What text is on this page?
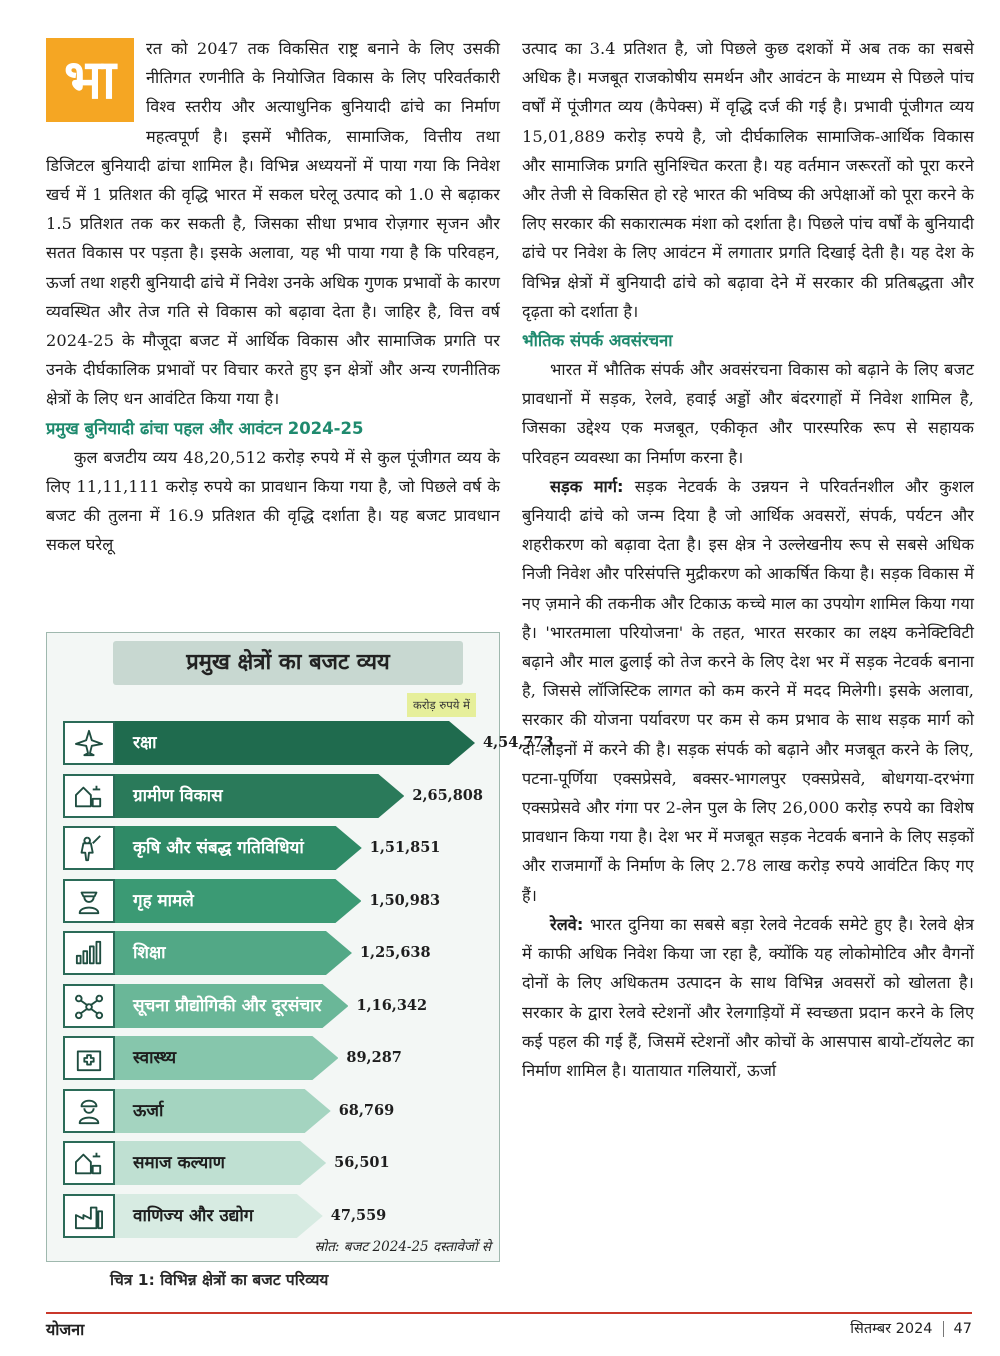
भा	रत को 2047 तक विकसित राष्ट्र बनाने के लिए उसकी नीतिगत रणनीति के नियोजित विकास के लिए परिवर्तकारी विश्व स्तरीय और अत्याधुनिक बुनियादी ढांचे का निर्माण महत्वपूर्ण है। इसमें भौतिक, सामाजिक, वित्तीय तथा डिजिटल बुनियादी ढांचा शामिल है। विभिन्न अध्ययनों में पाया गया कि निवेश खर्च में 1 प्रतिशत की वृद्धि भारत में सकल घरेलू उत्पाद को 1.0 से बढ़ाकर 1.5 प्रतिशत तक कर सकती है, जिसका सीधा प्रभाव रोज़गार सृजन और सतत विकास पर पड़ता है। इसके अलावा, यह भी पाया गया है कि परिवहन, ऊर्जा तथा शहरी बुनियादी ढांचे में निवेश उनके अधिक गुणक प्रभावों के कारण व्यवस्थित और तेज गति से विकास को बढ़ावा देता है। जाहिर है, वित्त वर्ष 2024-25 के मौजूदा बजट में आर्थिक विकास और सामाजिक प्रगति पर उनके दीर्घकालिक प्रभावों पर विचार करते हुए इन क्षेत्रों और अन्य रणनीतिक क्षेत्रों के लिए धन आवंटित किया गया है।

प्रमुख बुनियादी ढांचा पहल और आवंटन 2024-25

कुल बजटीय व्यय 48,20,512 करोड़ रुपये में से कुल पूंजीगत व्यय के लिए 11,11,111 करोड़ रुपये का प्रावधान किया गया है, जो पिछले वर्ष के बजट की तुलना में 16.9 प्रतिशत की वृद्धि दर्शाता है। यह बजट प्रावधान सकल घरेलू

प्रमुख क्षेत्रों का बजट व्यय
करोड़ रुपये में
रक्षा	4,54,773
ग्रामीण विकास	2,65,808
कृषि और संबद्ध गतिविधियां	1,51,851
गृह मामले	1,50,983
शिक्षा	1,25,638
सूचना प्रौद्योगिकी और दूरसंचार 1,16,342
स्वास्थ्य	89,287
ऊर्जा	68,769
समाज कल्याण	56,501
वाणिज्य और उद्योग	47,559
स्रोत: बजट 2024-25 दस्तावेजों से
चित्र 1: विभिन्न क्षेत्रों का बजट परिव्यय

उत्पाद का 3.4 प्रतिशत है, जो पिछले कुछ दशकों में अब तक का सबसे अधिक है। मजबूत राजकोषीय समर्थन और आवंटन के माध्यम से पिछले पांच वर्षों में पूंजीगत व्यय (कैपेक्स) में वृद्धि दर्ज की गई है। प्रभावी पूंजीगत व्यय 15,01,889 करोड़ रुपये है, जो दीर्घकालिक सामाजिक-आर्थिक विकास और सामाजिक प्रगति सुनिश्चित करता है। यह वर्तमान जरूरतों को पूरा करने और तेजी से विकसित हो रहे भारत की भविष्य की अपेक्षाओं को पूरा करने के लिए सरकार की सकारात्मक मंशा को दर्शाता है। पिछले पांच वर्षों के बुनियादी ढांचे पर निवेश के लिए आवंटन में लगातार प्रगति दिखाई देती है। यह देश के विभिन्न क्षेत्रों में बुनियादी ढांचे को बढ़ावा देने में सरकार की प्रतिबद्धता और दृढ़ता को दर्शाता है।

भौतिक संपर्क अवसंरचना

भारत में भौतिक संपर्क और अवसंरचना विकास को बढ़ाने के लिए बजट प्रावधानों में सड़क, रेलवे, हवाई अड्डों और बंदरगाहों में निवेश शामिल है, जिसका उद्देश्य एक मजबूत, एकीकृत और पारस्परिक रूप से सहायक परिवहन व्यवस्था का निर्माण करना है।

सड़क मार्ग: सड़क नेटवर्क के उन्नयन ने परिवर्तनशील और कुशल बुनियादी ढांचे को जन्म दिया है जो आर्थिक अवसरों, संपर्क, पर्यटन और शहरीकरण को बढ़ावा देता है। इस क्षेत्र ने उल्लेखनीय रूप से सबसे अधिक निजी निवेश और परिसंपत्ति मुद्रीकरण को आकर्षित किया है। सड़क विकास में नए ज़माने की तकनीक और टिकाऊ कच्चे माल का उपयोग शामिल किया गया है। 'भारतमाला परियोजना' के तहत, भारत सरकार का लक्ष्य कनेक्टिविटी बढ़ाने और माल ढुलाई को तेज करने के लिए देश भर में सड़क नेटवर्क बनाना है, जिससे लॉजिस्टिक लागत को कम करने में मदद मिलेगी। इसके अलावा, सरकार की योजना पर्यावरण पर कम से कम प्रभाव के साथ सड़क मार्ग को दो-लाइनों में करने की है। सड़क संपर्क को बढ़ाने और मजबूत करने के लिए, पटना-पूर्णिया एक्सप्रेसवे, बक्सर-भागलपुर एक्सप्रेसवे, बोधगया-दरभंगा एक्सप्रेसवे और गंगा पर 2-लेन पुल के लिए 26,000 करोड़ रुपये का विशेष प्रावधान किया गया है। देश भर में मजबूत सड़क नेटवर्क बनाने के लिए सड़कों और राजमार्गों के निर्माण के लिए 2.78 लाख करोड़ रुपये आवंटित किए गए हैं।

रेलवे: भारत दुनिया का सबसे बड़ा रेलवे नेटवर्क समेटे हुए है। रेलवे क्षेत्र में काफी अधिक निवेश किया जा रहा है, क्योंकि यह लोकोमोटिव और वैगनों दोनों के लिए अधिकतम उत्पादन के साथ विभिन्न अवसरों को खोलता है। सरकार के द्वारा रेलवे स्टेशनों और रेलगाड़ियों में स्वच्छता प्रदान करने के लिए कई पहल की गई हैं, जिसमें स्टेशनों और कोचों के आसपास बायो-टॉयलेट का निर्माण शामिल है। यातायात गलियारों, ऊर्जा

योजना	सितम्बर 2024 47
